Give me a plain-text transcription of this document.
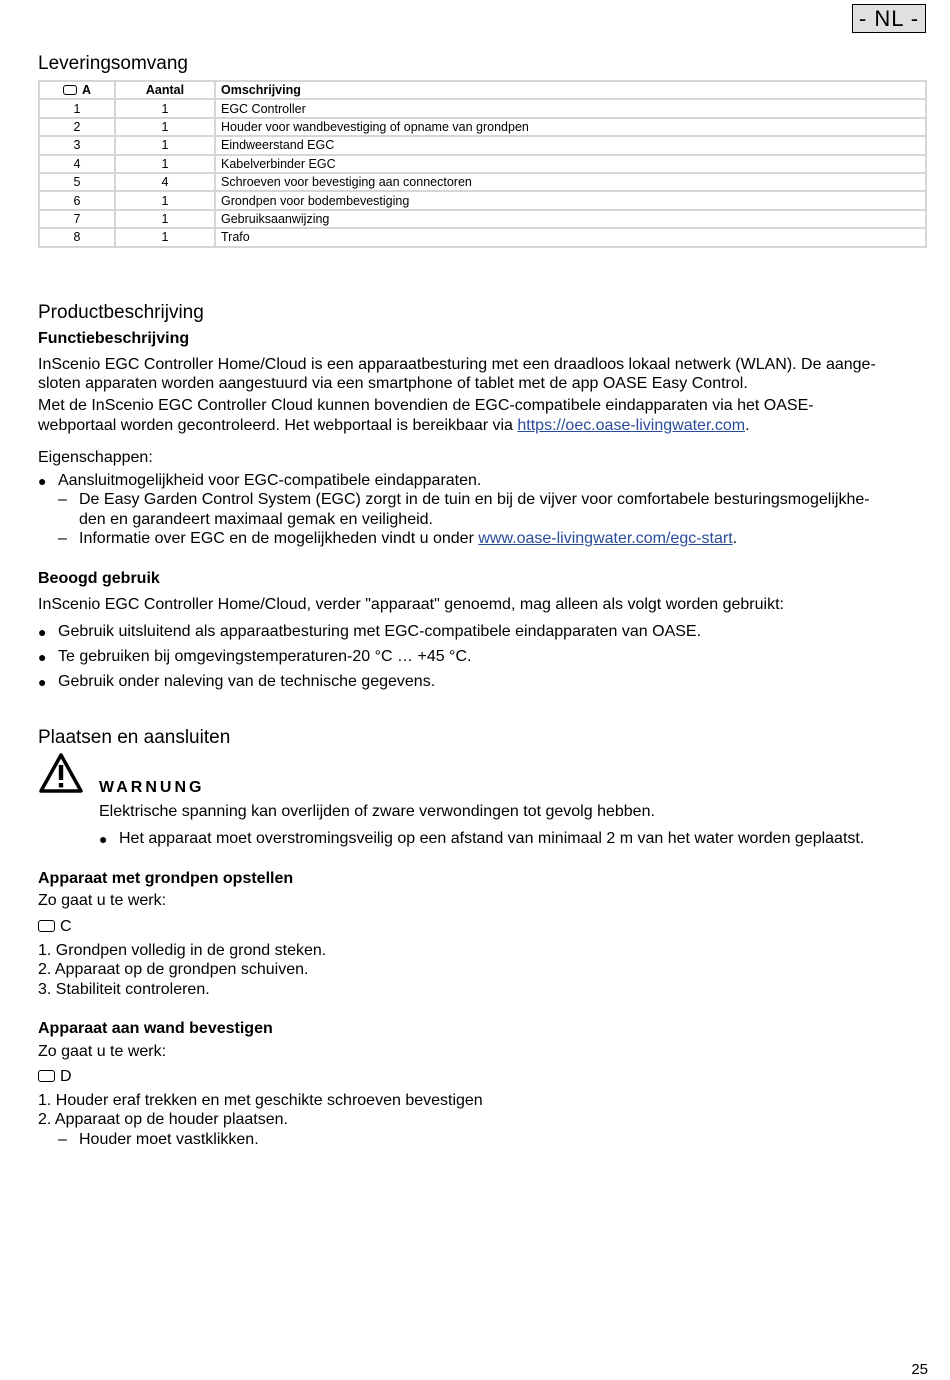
- NL -
Leveringsomvang
A	Aantal	Omschrijving
1	1	EGC Controller
2	1	Houder voor wandbevestiging of opname van grondpen
3	1	Eindweerstand EGC
4	1	Kabelverbinder EGC
5	4	Schroeven voor bevestiging aan connectoren
6	1	Grondpen voor bodembevestiging
7	1	Gebruiksaanwijzing
8	1	Trafo
Productbeschrijving
Functiebeschrijving

InScenio EGC Controller Home/Cloud is een apparaatbesturing met een draadloos lokaal netwerk (WLAN). De aange-

sloten apparaten worden aangestuurd via een smartphone of tablet met de app OASE Easy Control.

Met de InScenio EGC Controller Cloud kunnen bovendien de EGC-compatibele eindapparaten via het OASE-

webportaal worden gecontroleerd. Het webportaal is bereikbaar via https://oec.oase-livingwater.com.

Eigenschappen:

● Aansluitmogelijkheid voor EGC-compatibele eindapparaten.

– De Easy Garden Control System (EGC) zorgt in de tuin en bij de vijver voor comfortabele besturingsmogelijkhe-

den en garandeert maximaal gemak en veiligheid.

– Informatie over EGC en de mogelijkheden vindt u onder www.oase-livingwater.com/egc-start.

Beoogd gebruik

InScenio EGC Controller Home/Cloud, verder "apparaat" genoemd, mag alleen als volgt worden gebruikt:

● Gebruik uitsluitend als apparaatbesturing met EGC-compatibele eindapparaten van OASE.

● Te gebruiken bij omgevingstemperaturen-20 °C … +45 °C.

● Gebruik onder naleving van de technische gegevens.

Plaatsen en aansluiten
WARNUNG

Elektrische spanning kan overlijden of zware verwondingen tot gevolg hebben.

● Het apparaat moet overstromingsveilig op een afstand van minimaal 2 m van het water worden geplaatst.

Apparaat met grondpen opstellen

Zo gaat u te werk:

C

1. Grondpen volledig in de grond steken.

2. Apparaat op de grondpen schuiven.

3. Stabiliteit controleren.

Apparaat aan wand bevestigen

Zo gaat u te werk:

D

1. Houder eraf trekken en met geschikte schroeven bevestigen

2. Apparaat op de houder plaatsen.

– Houder moet vastklikken.

25
